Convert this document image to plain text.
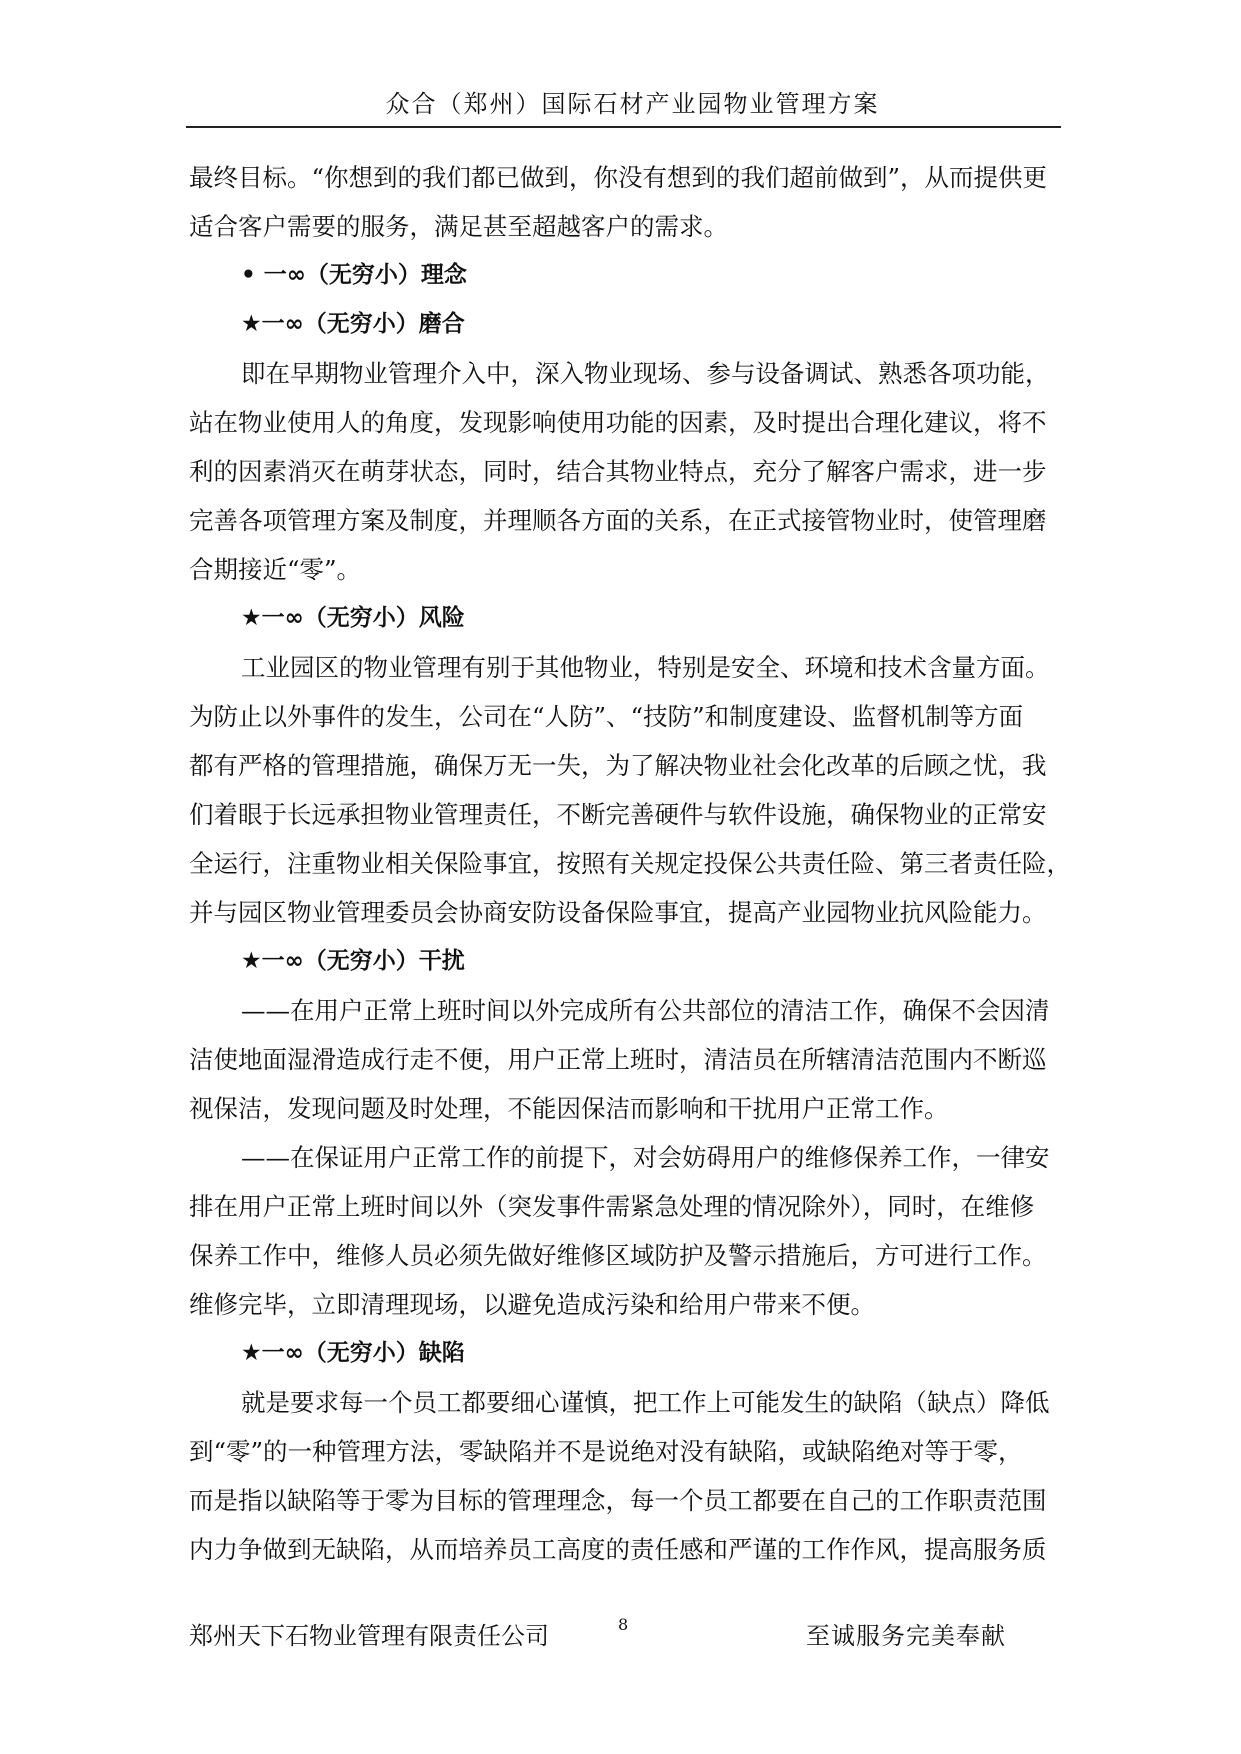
众合（郑州）国际石材产业园物业管理方案
最终目标。“你想到的我们都已做到，你没有想到的我们超前做到”，从而提供更
适合客户需要的服务，满足甚至超越客户的需求。
• 一∞（无穷小）理念
★一∞（无穷小）磨合
即在早期物业管理介入中，深入物业现场、参与设备调试、熟悉各项功能，
站在物业使用人的角度，发现影响使用功能的因素，及时提出合理化建议，将不
利的因素消灭在萌芽状态，同时，结合其物业特点，充分了解客户需求，进一步
完善各项管理方案及制度，并理顺各方面的关系，在正式接管物业时，使管理磨
合期接近“零”。
★一∞（无穷小）风险
工业园区的物业管理有别于其他物业，特别是安全、环境和技术含量方面。
为防止以外事件的发生，公司在“人防”、“技防”和制度建设、监督机制等方面
都有严格的管理措施，确保万无一失，为了解决物业社会化改革的后顾之忧，我
们着眼于长远承担物业管理责任，不断完善硬件与软件设施，确保物业的正常安
全运行，注重物业相关保险事宜，按照有关规定投保公共责任险、第三者责任险，
并与园区物业管理委员会协商安防设备保险事宜，提高产业园物业抗风险能力。
★一∞（无穷小）干扰
——在用户正常上班时间以外完成所有公共部位的清洁工作，确保不会因清
洁使地面湿滑造成行走不便，用户正常上班时，清洁员在所辖清洁范围内不断巡
视保洁，发现问题及时处理，不能因保洁而影响和干扰用户正常工作。
——在保证用户正常工作的前提下，对会妨碍用户的维修保养工作，一律安
排在用户正常上班时间以外（突发事件需紧急处理的情况除外），同时，在维修
保养工作中，维修人员必须先做好维修区域防护及警示措施后，方可进行工作。
维修完毕，立即清理现场，以避免造成污染和给用户带来不便。
★一∞（无穷小）缺陷
就是要求每一个员工都要细心谨慎，把工作上可能发生的缺陷（缺点）降低
到“零”的一种管理方法，零缺陷并不是说绝对没有缺陷，或缺陷绝对等于零，
而是指以缺陷等于零为目标的管理理念，每一个员工都要在自己的工作职责范围
内力争做到无缺陷，从而培养员工高度的责任感和严谨的工作作风，提高服务质
郑州天下石物业管理有限责任公司	8	至诚服务完美奉献
